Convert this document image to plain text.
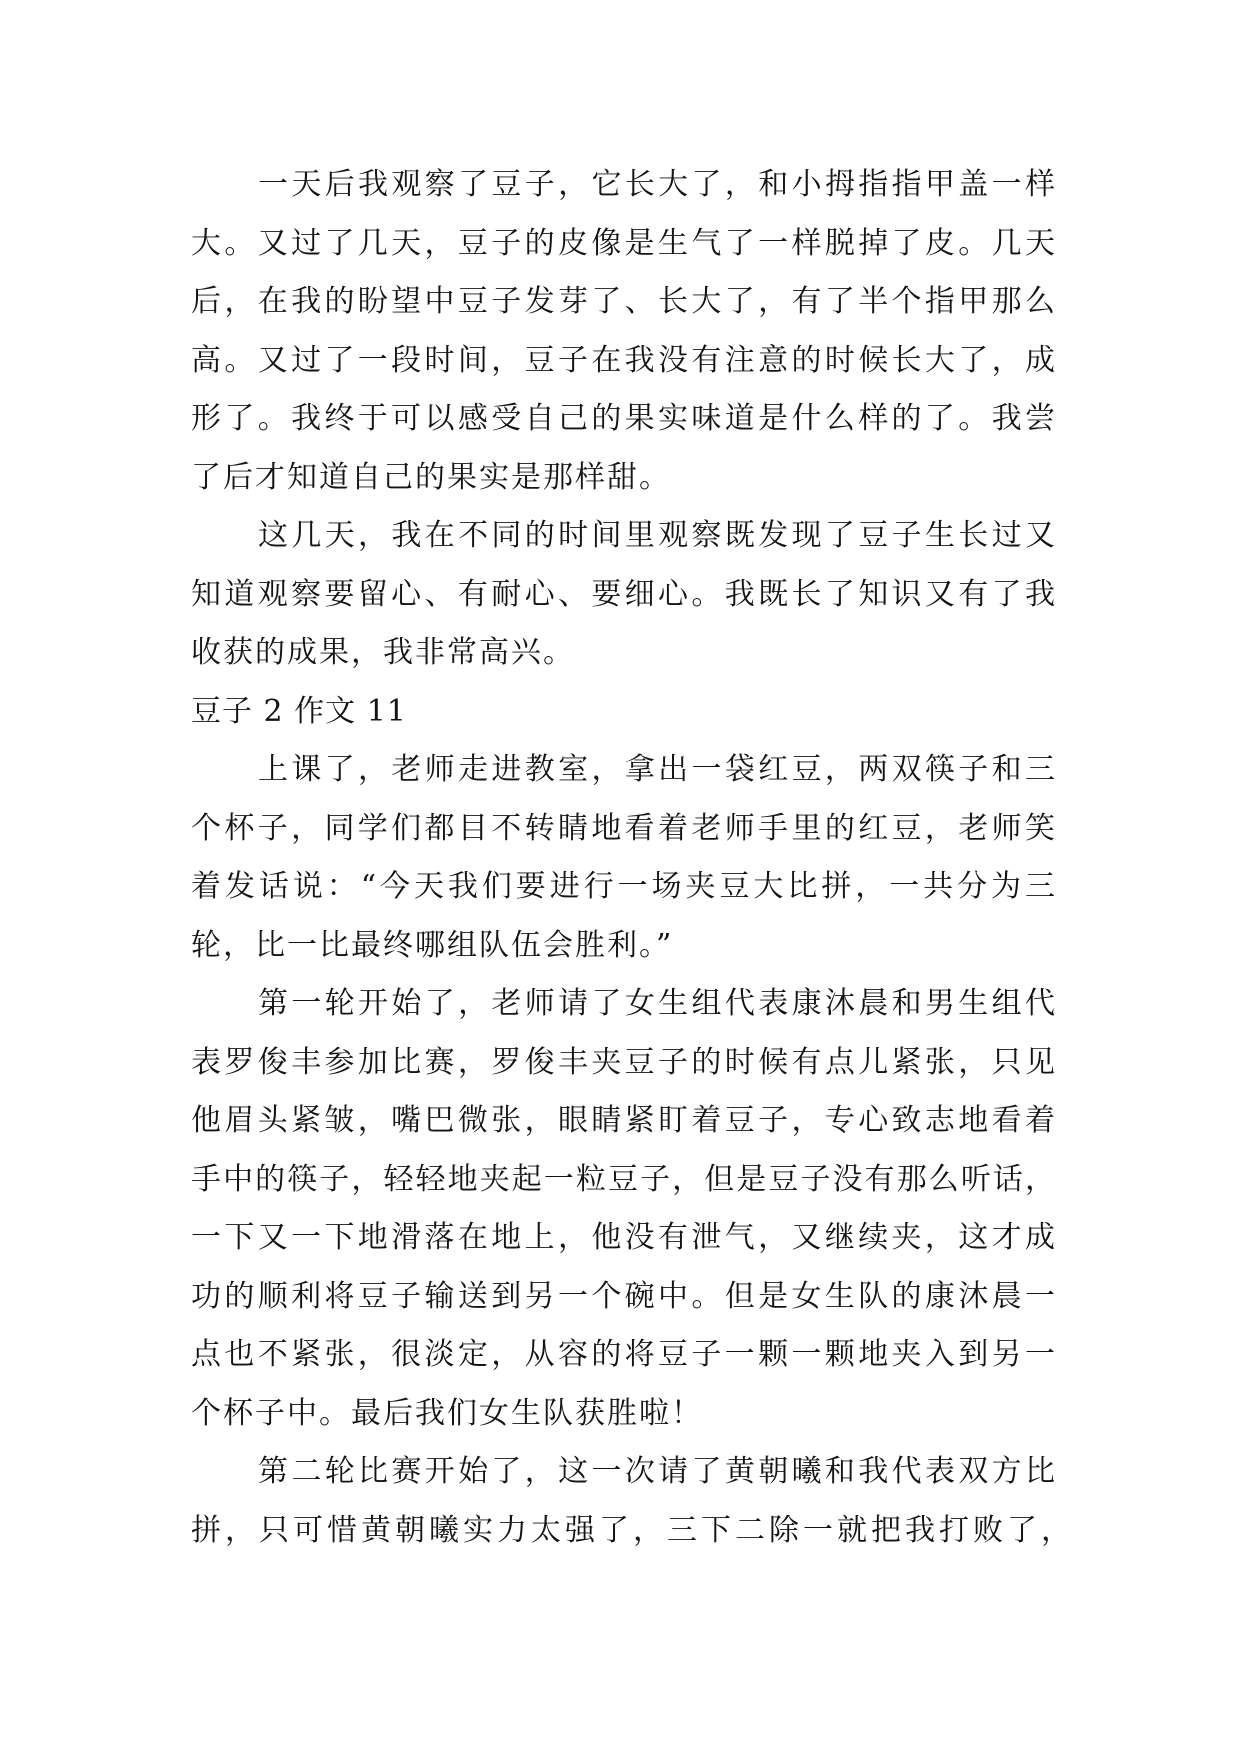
一天后我观察了豆子，它长大了，和小拇指指甲盖一样
大。又过了几天，豆子的皮像是生气了一样脱掉了皮。几天
后，在我的盼望中豆子发芽了、长大了，有了半个指甲那么
高。又过了一段时间，豆子在我没有注意的时候长大了，成
形了。我终于可以感受自己的果实味道是什么样的了。我尝
了后才知道自己的果实是那样甜。
这几天，我在不同的时间里观察既发现了豆子生长过又
知道观察要留心、有耐心、要细心。我既长了知识又有了我
收获的成果，我非常高兴。
豆子 2 作文 11
上课了，老师走进教室，拿出一袋红豆，两双筷子和三
个杯子，同学们都目不转睛地看着老师手里的红豆，老师笑
着发话说：“今天我们要进行一场夹豆大比拼，一共分为三
轮，比一比最终哪组队伍会胜利。”
第一轮开始了，老师请了女生组代表康沐晨和男生组代
表罗俊丰参加比赛，罗俊丰夹豆子的时候有点儿紧张，只见
他眉头紧皱，嘴巴微张，眼睛紧盯着豆子，专心致志地看着
手中的筷子，轻轻地夹起一粒豆子，但是豆子没有那么听话，
一下又一下地滑落在地上，他没有泄气，又继续夹，这才成
功的顺利将豆子输送到另一个碗中。但是女生队的康沐晨一
点也不紧张，很淡定，从容的将豆子一颗一颗地夹入到另一
个杯子中。最后我们女生队获胜啦！
第二轮比赛开始了，这一次请了黄朝曦和我代表双方比
拼，只可惜黄朝曦实力太强了，三下二除一就把我打败了，
